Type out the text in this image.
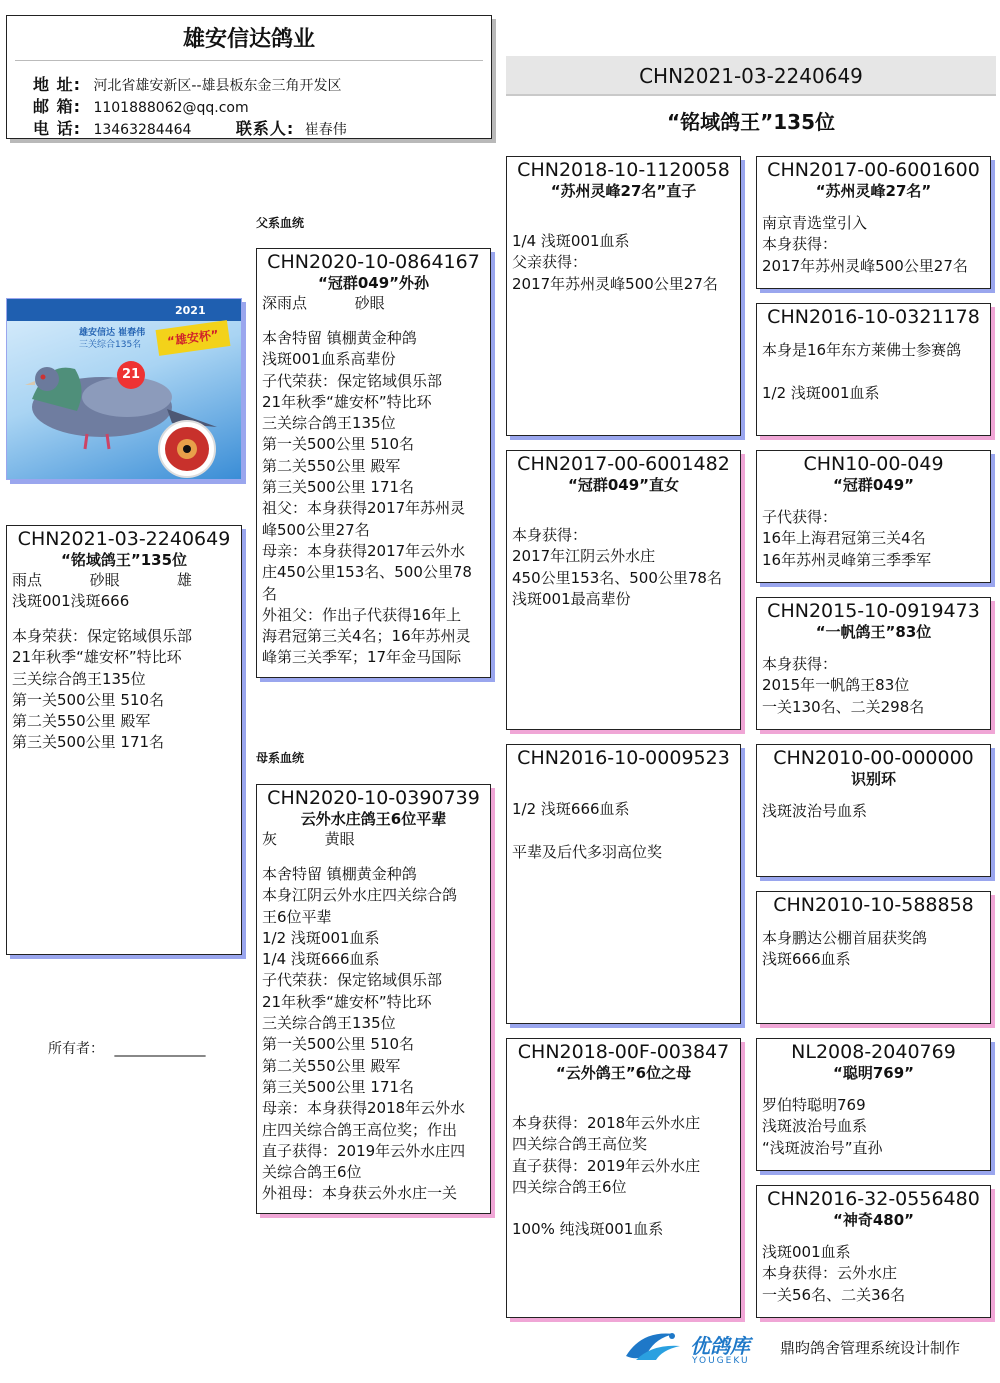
雄安信达鸽业
地 址: 河北省雄安新区--雄县板东金三角开发区
邮 箱: 1101888062@qq.com
电 话: 13463284464	联系人: 崔春伟
CHN2021-03-2240649
“铭域鸽王”135位
父系血统
母系血统
2021
雄安信达 崔春伟
三关综合135名	“雄安杯”
21
CHN2021-03-2240649
“铭域鸽王”135位
雨点          砂眼            雄
浅斑001浅斑666
本身荣获：保定铭域俱乐部
21年秋季“雄安杯”特比环
三关综合鸽王135位
第一关500公里 510名
第二关550公里 殿军
第三关500公里 171名
所有者： _____________
CHN2020-10-0864167
“冠群049”外孙
深雨点          砂眼
本舍特留 镇棚黄金种鸽
浅斑001血系高辈份
子代荣获：保定铭域俱乐部
21年秋季“雄安杯”特比环
三关综合鸽王135位
第一关500公里 510名
第二关550公里 殿军
第三关500公里 171名
祖父：本身获得2017年苏州灵
峰500公里27名
母亲：本身获得2017年云外水
庄450公里153名、500公里78
名
外祖父：作出子代获得16年上
海君冠第三关4名；16年苏州灵
峰第三关季军；17年金马国际
CHN2020-10-0390739
云外水庄鸽王6位平辈
灰          黄眼
本舍特留 镇棚黄金种鸽
本身江阴云外水庄四关综合鸽
王6位平辈
1/2 浅斑001血系
1/4 浅斑666血系
子代荣获：保定铭域俱乐部
21年秋季“雄安杯”特比环
三关综合鸽王135位
第一关500公里 510名
第二关550公里 殿军
第三关500公里 171名
母亲：本身获得2018年云外水
庄四关综合鸽王高位奖；作出
直子获得：2019年云外水庄四
关综合鸽王6位
外祖母：本身获云外水庄一关
CHN2018-10-1120058
“苏州灵峰27名”直子
1/4 浅斑001血系
父亲获得：
2017年苏州灵峰500公里27名
CHN2017-00-6001482
“冠群049”直女
本身获得：
2017年江阴云外水庄
450公里153名、500公里78名
浅斑001最高辈份
CHN2016-10-0009523
1/2 浅斑666血系

平辈及后代多羽高位奖
CHN2018-00F-003847
“云外鸽王”6位之母
本身获得：2018年云外水庄
四关综合鸽王高位奖
直子获得：2019年云外水庄
四关综合鸽王6位

100% 纯浅斑001血系
CHN2017-00-6001600
“苏州灵峰27名”
南京青选堂引入
本身获得：
2017年苏州灵峰500公里27名
CHN2016-10-0321178
本身是16年东方莱佛士参赛鸽

1/2 浅斑001血系
CHN10-00-049
“冠群049”
子代获得：
16年上海君冠第三关4名
16年苏州灵峰第三季季军
CHN2015-10-0919473
“一帆鸽王”83位
本身获得：
2015年一帆鸽王83位
一关130名、二关298名
CHN2010-00-000000
识别环
浅斑波治号血系
CHN2010-10-588858
本身鹏达公棚首届获奖鸽
浅斑666血系
NL2008-2040769
“聪明769”
罗伯特聪明769
浅斑波治号血系
“浅斑波治号”直孙
CHN2016-32-0556480
“神奇480”
浅斑001血系
本身获得：云外水庄
一关56名、二关36名
优鸽库
YOUGEKU
鼎昀鸽舍管理系统设计制作
